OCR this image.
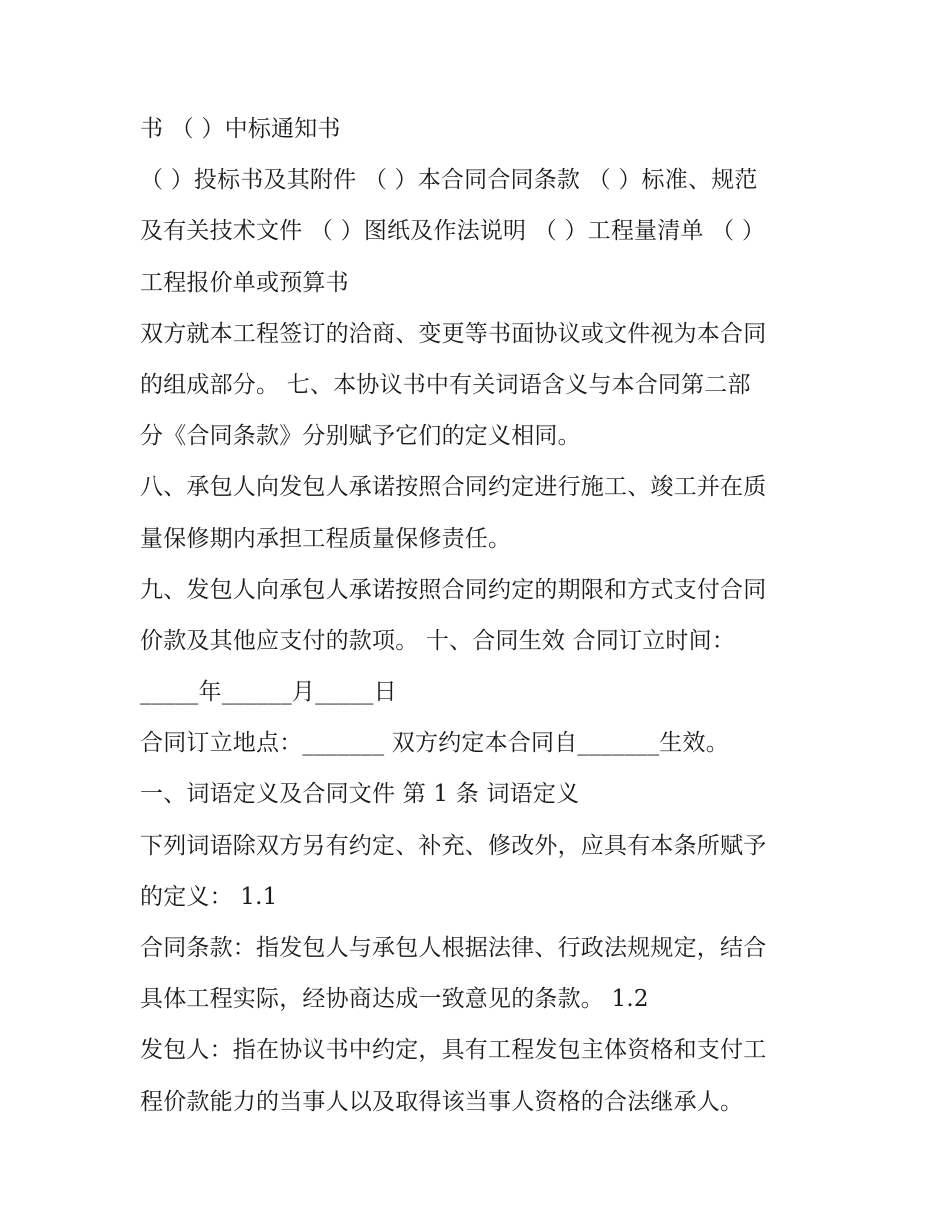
书 （ ）中标通知书
（ ）投标书及其附件 （ ）本合同合同条款 （ ）标准、规范
及有关技术文件 （ ）图纸及作法说明 （ ）工程量清单 （ ）
工程报价单或预算书
双方就本工程签订的洽商、变更等书面协议或文件视为本合同
的组成部分。 七、本协议书中有关词语含义与本合同第二部
分《合同条款》分别赋予它们的定义相同。
八、承包人向发包人承诺按照合同约定进行施工、竣工并在质
量保修期内承担工程质量保修责任。
九、发包人向承包人承诺按照合同约定的期限和方式支付合同
价款及其他应支付的款项。 十、合同生效 合同订立时间：
_____年______月_____日
合同订立地点：_______ 双方约定本合同自_______生效。
一、词语定义及合同文件 第 1 条 词语定义
下列词语除双方另有约定、补充、修改外，应具有本条所赋予
的定义： 1.1
合同条款：指发包人与承包人根据法律、行政法规规定，结合
具体工程实际，经协商达成一致意见的条款。 1.2
发包人：指在协议书中约定，具有工程发包主体资格和支付工
程价款能力的当事人以及取得该当事人资格的合法继承人。
